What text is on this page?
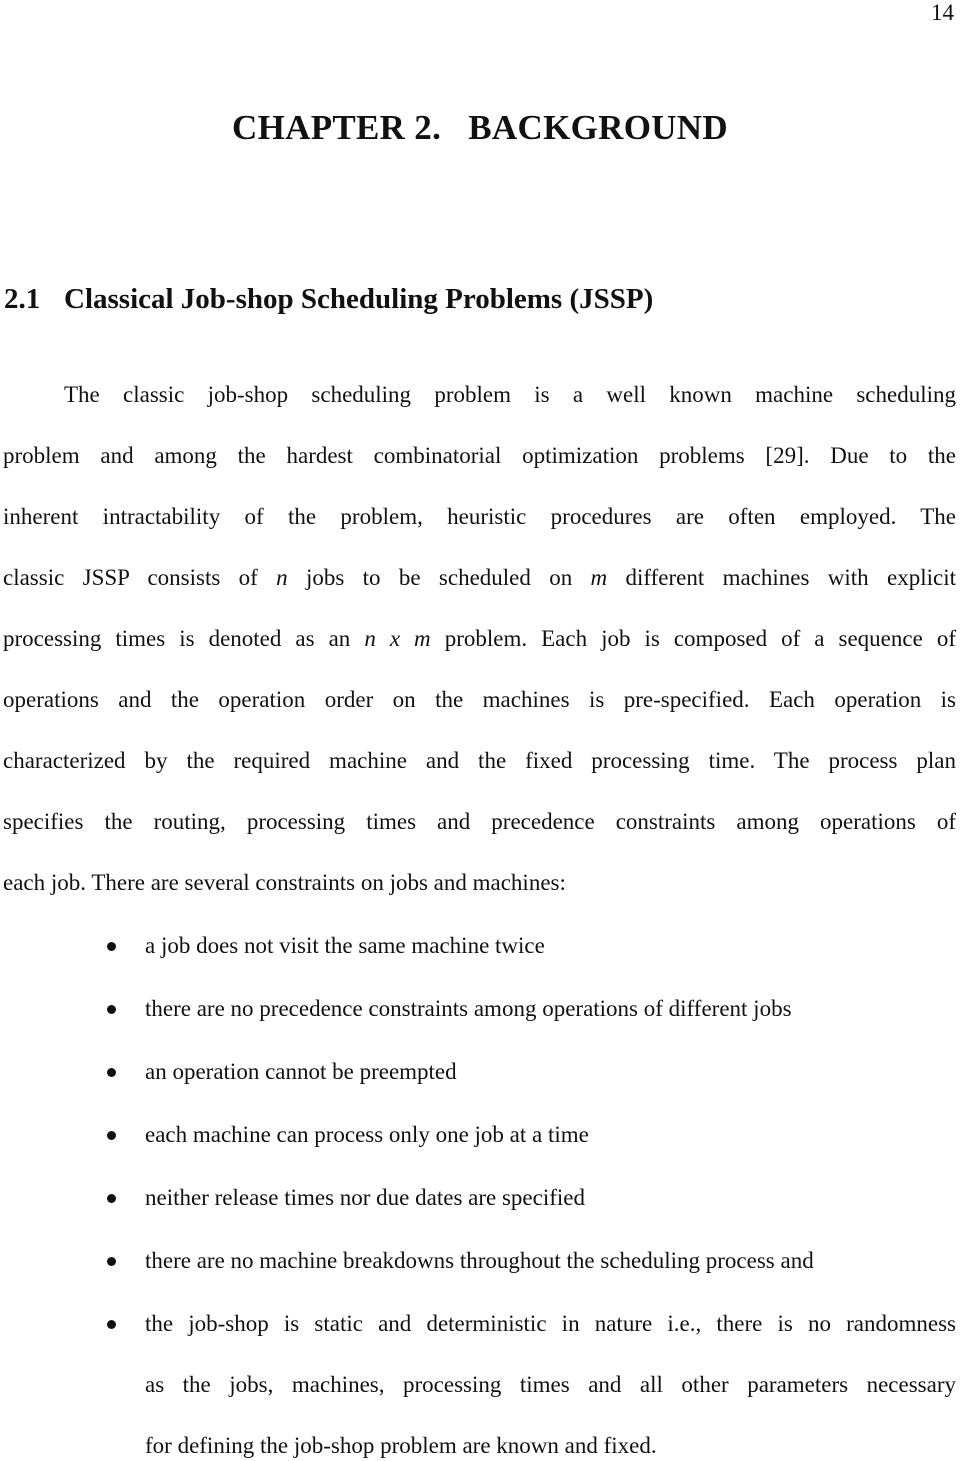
14
CHAPTER 2.   BACKGROUND
2.1 Classical Job-shop Scheduling Problems (JSSP)
The classic job-shop scheduling problem is a well known machine scheduling
problem and among the hardest combinatorial optimization problems [29]. Due to the
inherent intractability of the problem, heuristic procedures are often employed. The
classic JSSP consists of n jobs to be scheduled on m different machines with explicit
processing times is denoted as an n x m problem. Each job is composed of a sequence of
operations and the operation order on the machines is pre-specified. Each operation is
characterized by the required machine and the fixed processing time. The process plan
specifies the routing, processing times and precedence constraints among operations of
each job. There are several constraints on jobs and machines:
a job does not visit the same machine twice
there are no precedence constraints among operations of different jobs
an operation cannot be preempted
each machine can process only one job at a time
neither release times nor due dates are specified
there are no machine breakdowns throughout the scheduling process and
the job-shop is static and deterministic in nature i.e., there is no randomness
as the jobs, machines, processing times and all other parameters necessary
for defining the job-shop problem are known and fixed.
